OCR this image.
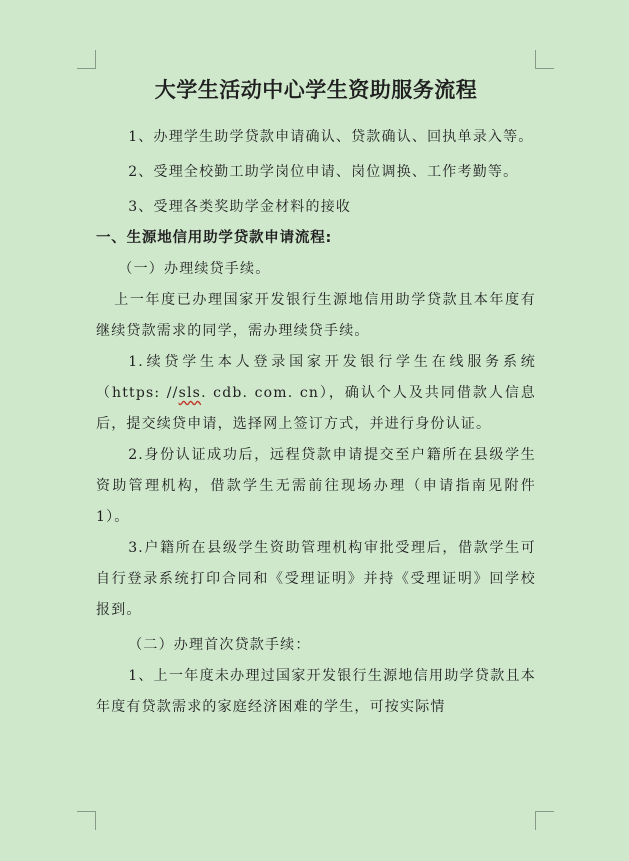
大学生活动中心学生资助服务流程

1、办理学生助学贷款申请确认、贷款确认、回执单录入等。

2、受理全校勤工助学岗位申请、岗位调换、工作考勤等。

3、受理各类奖助学金材料的接收

一、生源地信用助学贷款申请流程:

（一）办理续贷手续。

上一年度已办理国家开发银行生源地信用助学贷款且本年度有继续贷款需求的同学，需办理续贷手续。

1.续贷学生本人登录国家开发银行学生在线服务系统（https: //sls. cdb. com. cn），确认个人及共同借款人信息后，提交续贷申请，选择网上签订方式，并进行身份认证。

2.身份认证成功后，远程贷款申请提交至户籍所在县级学生资助管理机构，借款学生无需前往现场办理（申请指南见附件 1）。

3.户籍所在县级学生资助管理机构审批受理后，借款学生可自行登录系统打印合同和《受理证明》并持《受理证明》回学校报到。

（二）办理首次贷款手续：

1、上一年度未办理过国家开发银行生源地信用助学贷款且本年度有贷款需求的家庭经济困难的学生，可按实际情
